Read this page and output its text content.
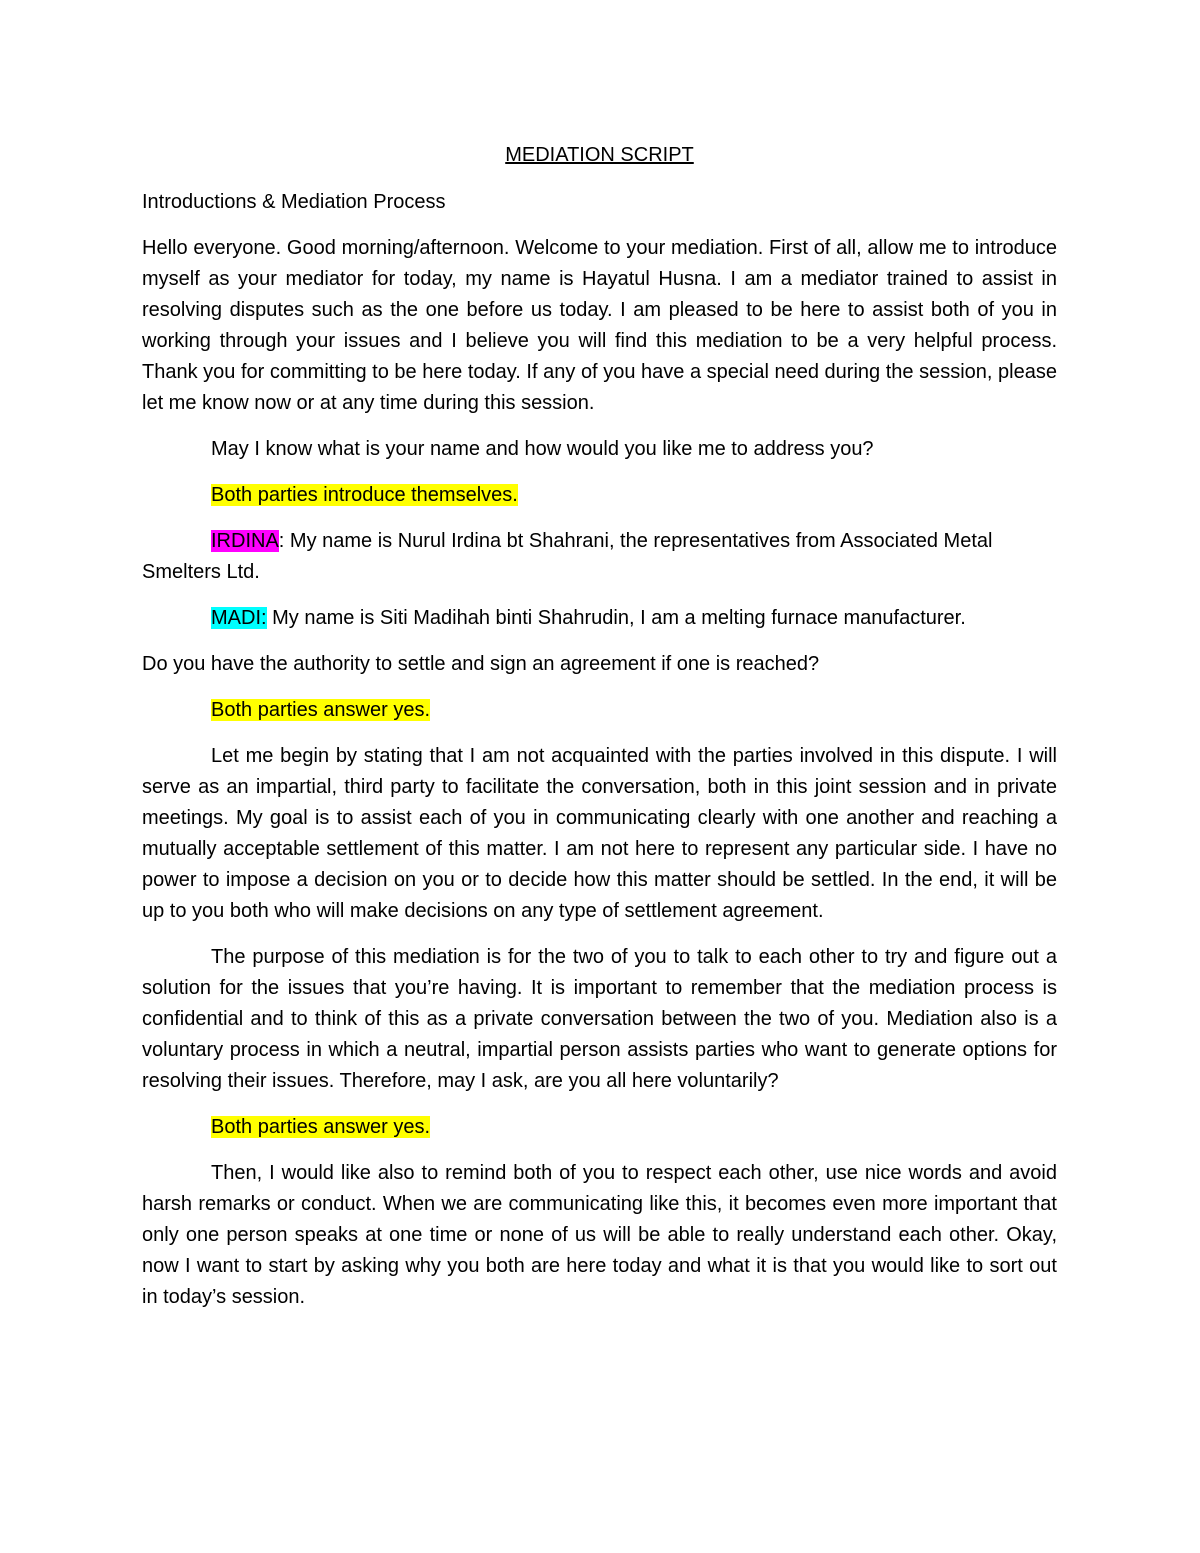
MEDIATION SCRIPT
Introductions & Mediation Process

Hello everyone. Good morning/afternoon. Welcome to your mediation. First of all, allow me to introduce myself as your mediator for today, my name is Hayatul Husna. I am a mediator trained to assist in resolving disputes such as the one before us today. I am pleased to be here to assist both of you in working through your issues and I believe you will find this mediation to be a very helpful process. Thank you for committing to be here today. If any of you have a special need during the session, please let me know now or at any time during this session.

May I know what is your name and how would you like me to address you?

Both parties introduce themselves.

IRDINA: My name is Nurul Irdina bt Shahrani, the representatives from Associated Metal Smelters Ltd.

MADI: My name is Siti Madihah binti Shahrudin, I am a melting furnace manufacturer.

Do you have the authority to settle and sign an agreement if one is reached?

Both parties answer yes.

Let me begin by stating that I am not acquainted with the parties involved in this dispute. I will serve as an impartial, third party to facilitate the conversation, both in this joint session and in private meetings. My goal is to assist each of you in communicating clearly with one another and reaching a mutually acceptable settlement of this matter. I am not here to represent any particular side. I have no power to impose a decision on you or to decide how this matter should be settled. In the end, it will be up to you both who will make decisions on any type of settlement agreement.

The purpose of this mediation is for the two of you to talk to each other to try and figure out a solution for the issues that you’re having. It is important to remember that the mediation process is confidential and to think of this as a private conversation between the two of you. Mediation also is a voluntary process in which a neutral, impartial person assists parties who want to generate options for resolving their issues. Therefore, may I ask, are you all here voluntarily?

Both parties answer yes.

Then, I would like also to remind both of you to respect each other, use nice words and avoid harsh remarks or conduct. When we are communicating like this, it becomes even more important that only one person speaks at one time or none of us will be able to really understand each other. Okay, now I want to start by asking why you both are here today and what it is that you would like to sort out in today’s session.
